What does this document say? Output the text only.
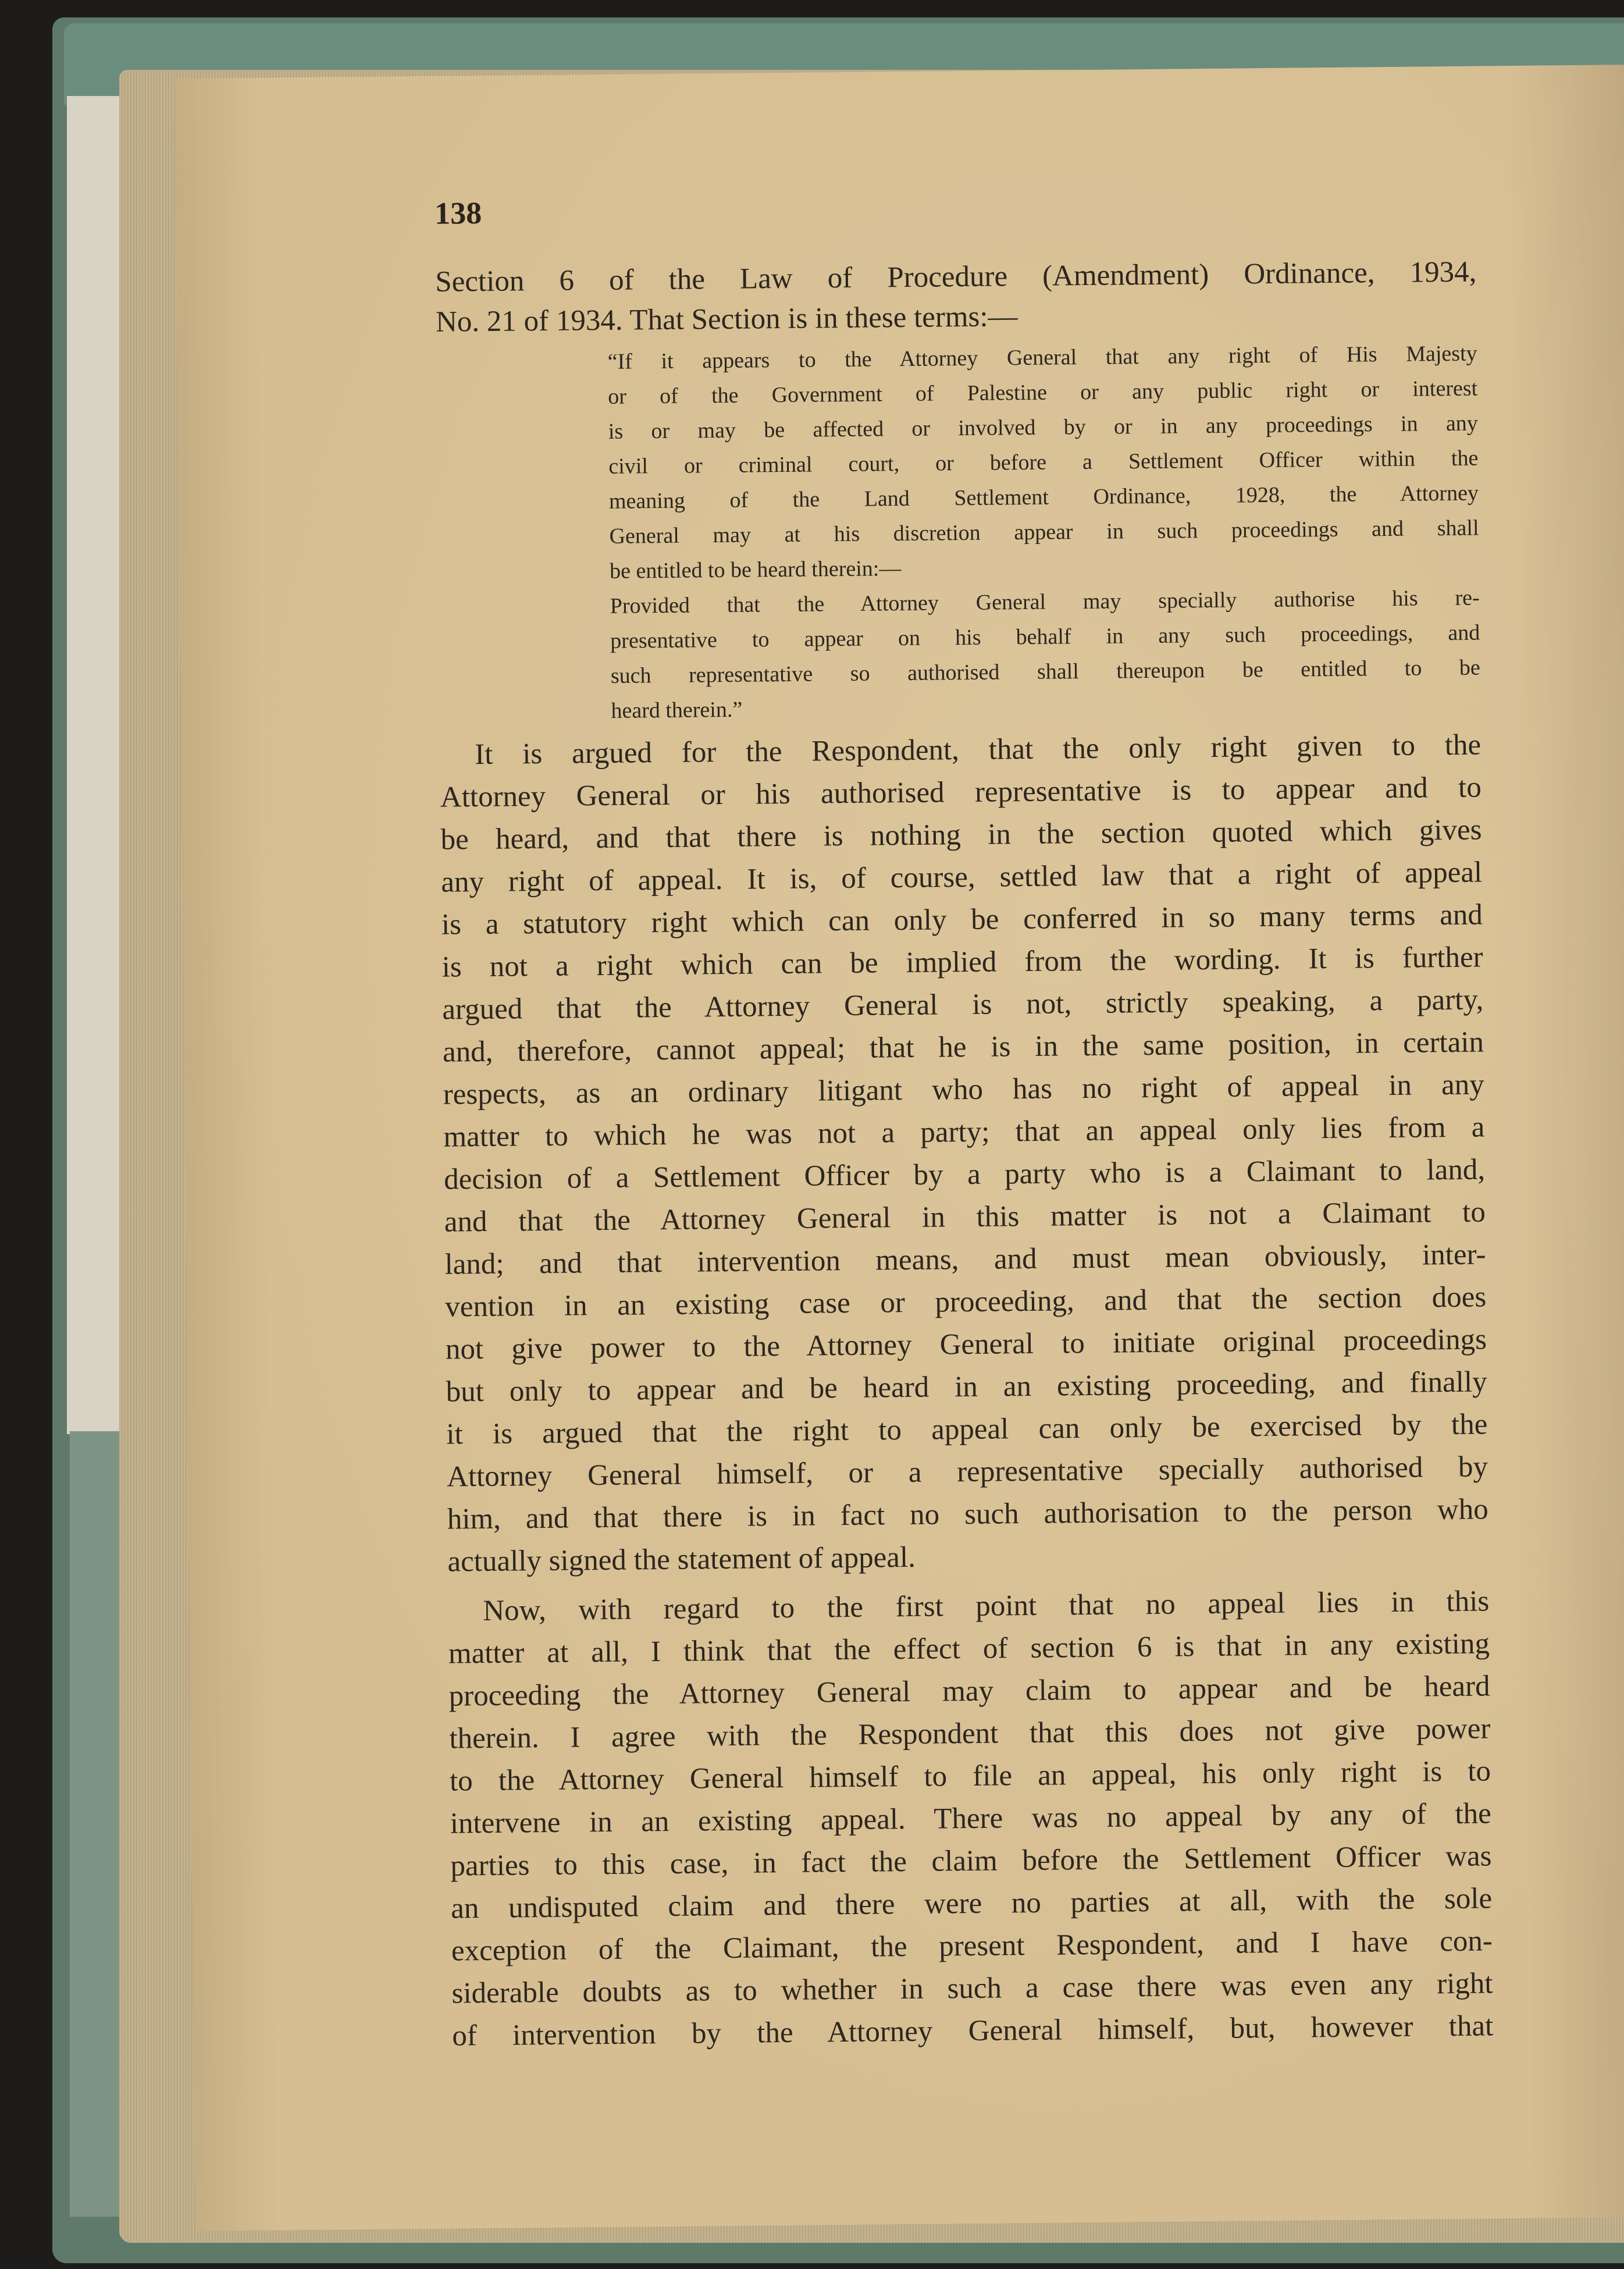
138

Section 6 of the Law of Procedure (Amendment) Ordinance, 1934,

No. 21 of 1934. That Section is in these terms:—

“If it appears to the Attorney General that any right of His Majesty

or of the Government of Palestine or any public right or interest

is or may be affected or involved by or in any proceedings in any

civil or criminal court, or before a Settlement Officer within the

meaning of the Land Settlement Ordinance, 1928, the Attorney

General may at his discretion appear in such proceedings and shall

be entitled to be heard therein:—

Provided that the Attorney General may specially authorise his re-

presentative to appear on his behalf in any such proceedings, and

such representative so authorised shall thereupon be entitled to be

heard therein.”

It is argued for the Respondent, that the only right given to the

Attorney General or his authorised representative is to appear and to

be heard, and that there is nothing in the section quoted which gives

any right of appeal. It is, of course, settled law that a right of appeal

is a statutory right which can only be conferred in so many terms and

is not a right which can be implied from the wording. It is further

argued that the Attorney General is not, strictly speaking, a party,

and, therefore, cannot appeal; that he is in the same position, in certain

respects, as an ordinary litigant who has no right of appeal in any

matter to which he was not a party; that an appeal only lies from a

decision of a Settlement Officer by a party who is a Claimant to land,

and that the Attorney General in this matter is not a Claimant to

land; and that intervention means, and must mean obviously, inter-

vention in an existing case or proceeding, and that the section does

not give power to the Attorney General to initiate original proceedings

but only to appear and be heard in an existing proceeding, and finally

it is argued that the right to appeal can only be exercised by the

Attorney General himself, or a representative specially authorised by

him, and that there is in fact no such authorisation to the person who

actually signed the statement of appeal.

Now, with regard to the first point that no appeal lies in this

matter at all, I think that the effect of section 6 is that in any existing

proceeding the Attorney General may claim to appear and be heard

therein. I agree with the Respondent that this does not give power

to the Attorney General himself to file an appeal, his only right is to

intervene in an existing appeal. There was no appeal by any of the

parties to this case, in fact the claim before the Settlement Officer was

an undisputed claim and there were no parties at all, with the sole

exception of the Claimant, the present Respondent, and I have con-

siderable doubts as to whether in such a case there was even any right

of intervention by the Attorney General himself, but, however that
